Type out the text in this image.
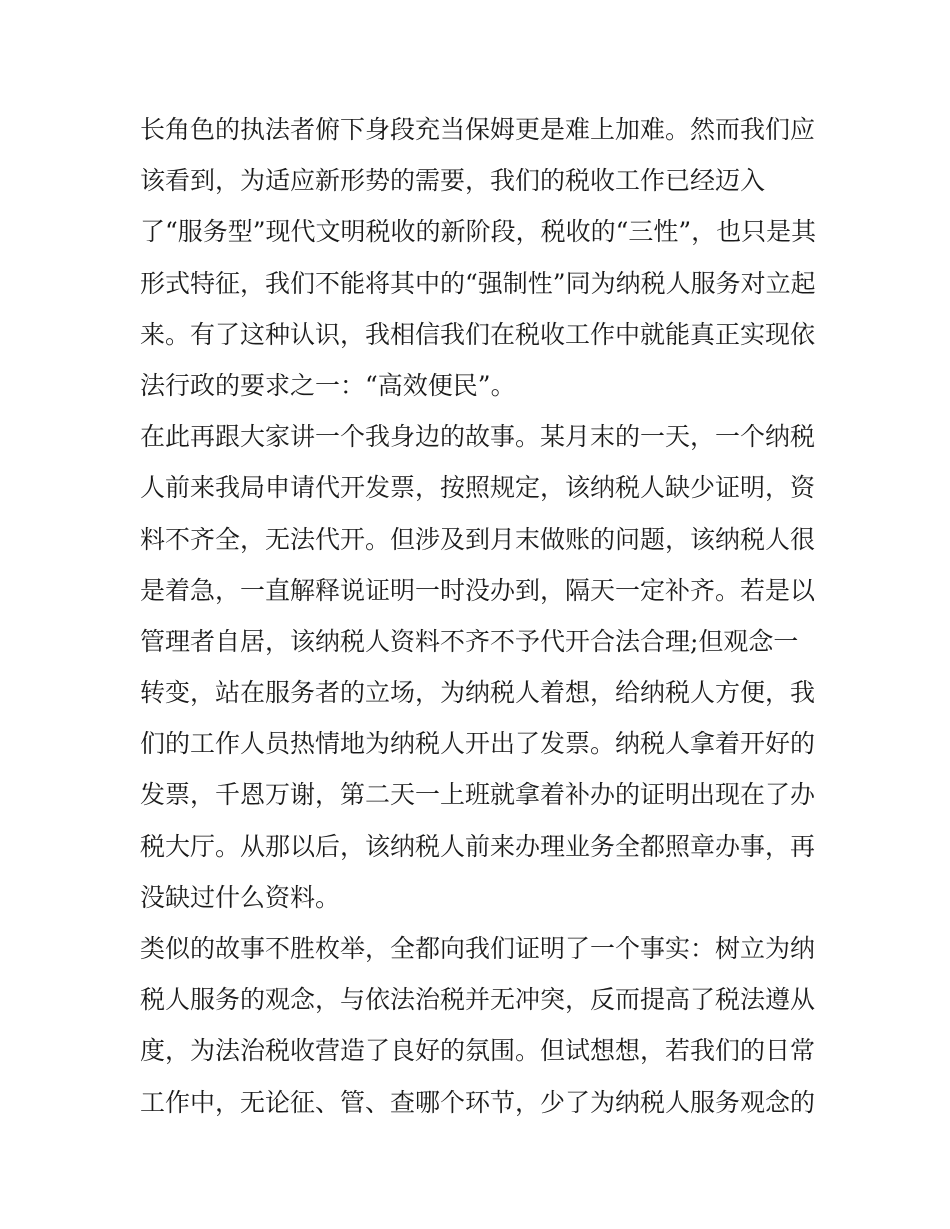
长角色的执法者俯下身段充当保姆更是难上加难。然而我们应

该看到，为适应新形势的需要，我们的税收工作已经迈入

了“服务型”现代文明税收的新阶段，税收的“三性”，也只是其

形式特征，我们不能将其中的“强制性”同为纳税人服务对立起

来。有了这种认识，我相信我们在税收工作中就能真正实现依

法行政的要求之一：“高效便民”。

在此再跟大家讲一个我身边的故事。某月末的一天，一个纳税

人前来我局申请代开发票，按照规定，该纳税人缺少证明，资

料不齐全，无法代开。但涉及到月末做账的问题，该纳税人很

是着急，一直解释说证明一时没办到，隔天一定补齐。若是以

管理者自居，该纳税人资料不齐不予代开合法合理;但观念一

转变，站在服务者的立场，为纳税人着想，给纳税人方便，我

们的工作人员热情地为纳税人开出了发票。纳税人拿着开好的

发票，千恩万谢，第二天一上班就拿着补办的证明出现在了办

税大厅。从那以后，该纳税人前来办理业务全都照章办事，再

没缺过什么资料。

类似的故事不胜枚举，全都向我们证明了一个事实：树立为纳

税人服务的观念，与依法治税并无冲突，反而提高了税法遵从

度，为法治税收营造了良好的氛围。但试想想，若我们的日常

工作中，无论征、管、查哪个环节，少了为纳税人服务观念的
